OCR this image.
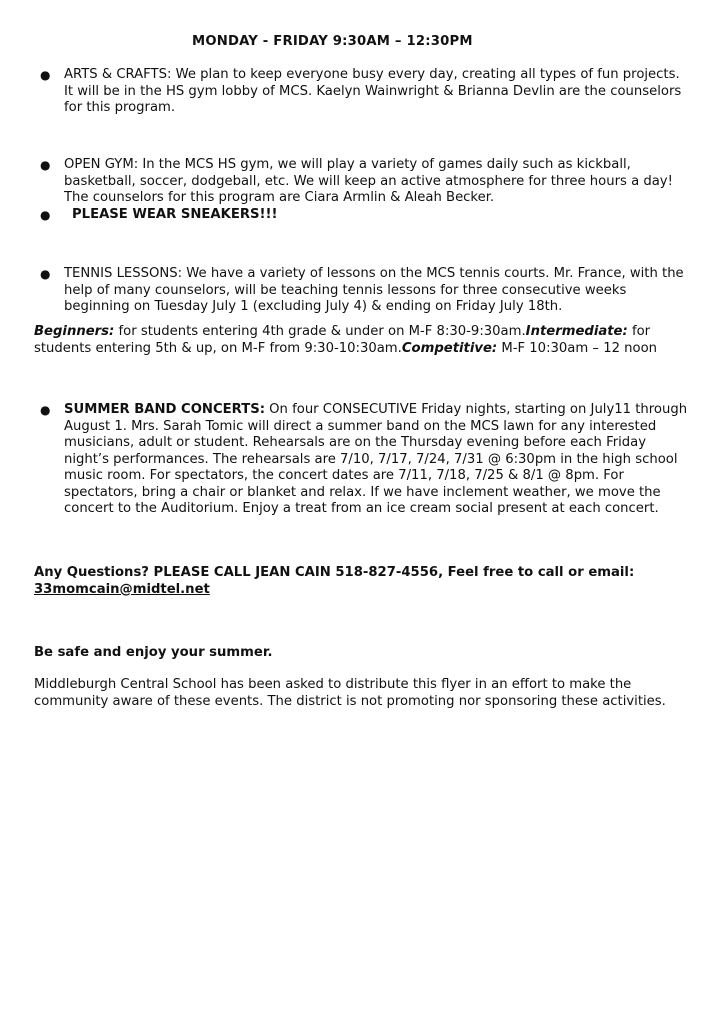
MONDAY - FRIDAY 9:30AM – 12:30PM
● ARTS & CRAFTS: We plan to keep everyone busy every day, creating all types of fun projects. It will be in the HS gym lobby of MCS. Kaelyn Wainwright & Brianna Devlin are the counselors for this program.
● OPEN GYM: In the MCS HS gym, we will play a variety of games daily such as kickball, basketball, soccer, dodgeball, etc. We will keep an active atmosphere for three hours a day! The counselors for this program are Ciara Armlin & Aleah Becker.
● PLEASE WEAR SNEAKERS!!!
● TENNIS LESSONS: We have a variety of lessons on the MCS tennis courts. Mr. France, with the help of many counselors, will be teaching tennis lessons for three consecutive weeks beginning on Tuesday July 1 (excluding July 4) & ending on Friday July 18th.
Beginners: for students entering 4th grade & under on M-F 8:30-9:30am.Intermediate: for students entering 5th & up, on M-F from 9:30-10:30am.Competitive: M-F 10:30am – 12 noon
● SUMMER BAND CONCERTS: On four CONSECUTIVE Friday nights, starting on July11 through August 1. Mrs. Sarah Tomic will direct a summer band on the MCS lawn for any interested musicians, adult or student. Rehearsals are on the Thursday evening before each Friday night’s performances. The rehearsals are 7/10, 7/17, 7/24, 7/31 @ 6:30pm in the high school music room. For spectators, the concert dates are 7/11, 7/18, 7/25 & 8/1 @ 8pm. For spectators, bring a chair or blanket and relax. If we have inclement weather, we move the concert to the Auditorium. Enjoy a treat from an ice cream social present at each concert.
Any Questions? PLEASE CALL JEAN CAIN 518-827-4556, Feel free to call or email:
33momcain@midtel.net
Be safe and enjoy your summer.
Middleburgh Central School has been asked to distribute this flyer in an effort to make the community aware of these events. The district is not promoting nor sponsoring these activities.
